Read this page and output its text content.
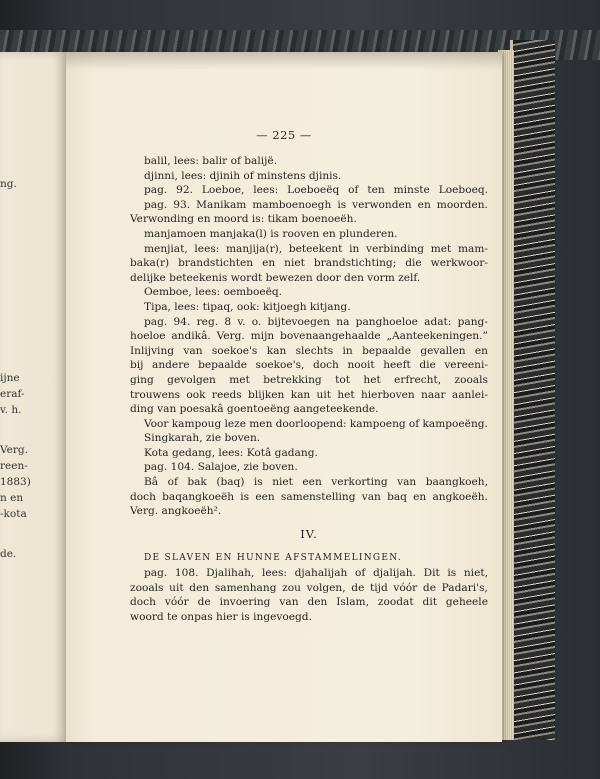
ng.
ijne
eraf-
v. h.
Verg.
reen-
1883)
n en
-kota
de.
— 225 —
balil, lees: balir of balijë.
djinni, lees: djinih of minstens djinis.
pag. 92. Loeboe, lees: Loeboeëq of ten minste Loeboeq.
pag. 93. Manikam mamboenoegh is verwonden en moorden.
Verwonding en moord is: tikam boenoeëh.
manjamoen manjaka(l) is rooven en plunderen.
menjiat, lees: manjija(r), beteekent in verbinding met mam-
baka(r) brandstichten en niet brandstichting; die werkwoor-
delijke beteekenis wordt bewezen door den vorm zelf.
Oemboe, lees: oemboeëq.
Tipa, lees: tipaq, ook: kitjoegh kitjang.
pag. 94. reg. 8 v. o. bijtevoegen na panghoeloe adat: pang-
hoeloe andikâ. Verg. mijn bovenaangehaalde „Aanteekeningen.”
Inlijving van soekoe's kan slechts in bepaalde gevallen en
bij andere bepaalde soekoe's, doch nooit heeft die vereeni-
ging gevolgen met betrekking tot het erfrecht, zooals
trouwens ook reeds blijken kan uit het hierboven naar aanlei-
ding van poesakâ goentoeëng aangeteekende.
Voor kampoug leze men doorloopend: kampoeng of kampoeëng.
Singkarah, zie boven.
Kota gedang, lees: Kotâ gadang.
pag. 104. Salajoe, zie boven.
Bâ of bak (baq) is niet een verkorting van baangkoeh,
doch baqangkoeëh is een samenstelling van baq en angkoeëh.
Verg. angkoeëh².
IV.
DE SLAVEN EN HUNNE AFSTAMMELINGEN.
pag. 108. Djalihah, lees: djahalijah of djalijah. Dit is niet,
zooals uit den samenhang zou volgen, de tijd vóór de Padari's,
doch vóór de invoering van den Islam, zoodat dit geheele
woord te onpas hier is ingevoegd.
